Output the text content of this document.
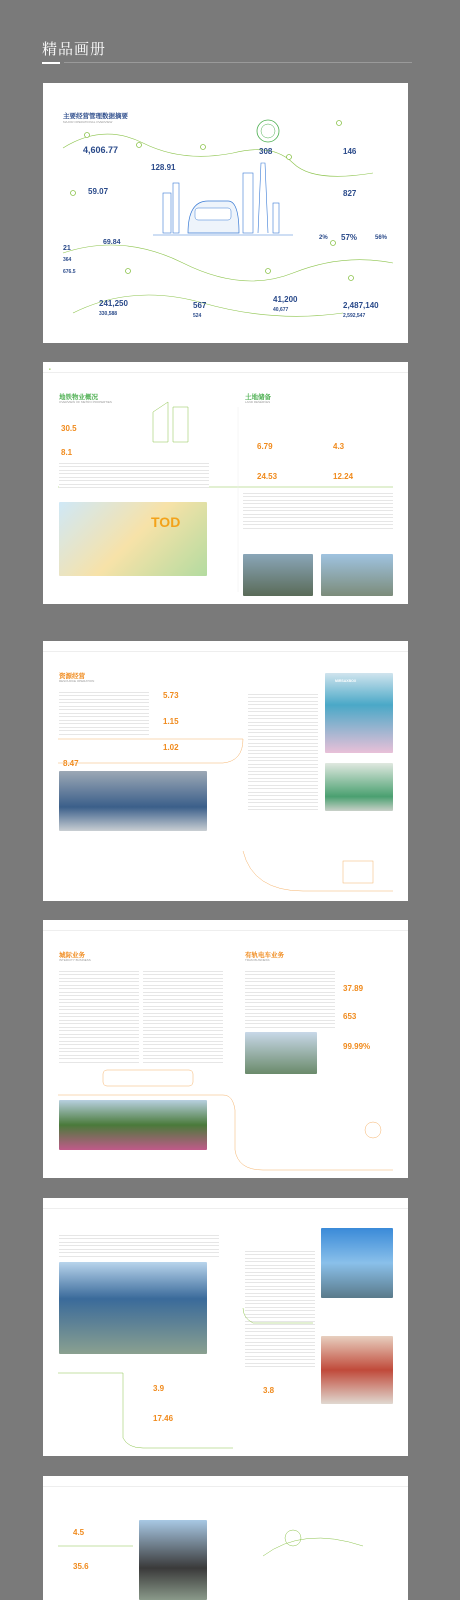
精品画册
主要经营管理数据摘要
MAJOR OPERATIONAL OVERVIEW
4,606.77
128.91
59.07
69.84
21
364
676.5
308	146
827
2% 57%	56%
241,250
330,588
567
524
41,200
40,677	2,487,140
2,592,547
■
地铁物业概况
OVERVIEW OF METRO PROPERTIES
30.5
8.1
土地储备
LAND RESERVES
6.79	4.3
24.53	12.24
TOD
资源经营
RESOURCE OPERATION
5.73
1.15
1.02
8.47
MIRSAXBOX
城际业务
INTERCITY BUSINESS
有轨电车业务
TRAM BUSINESS
37.89
653
99.99%
3.9
17.46
3.8
4.5
35.6
